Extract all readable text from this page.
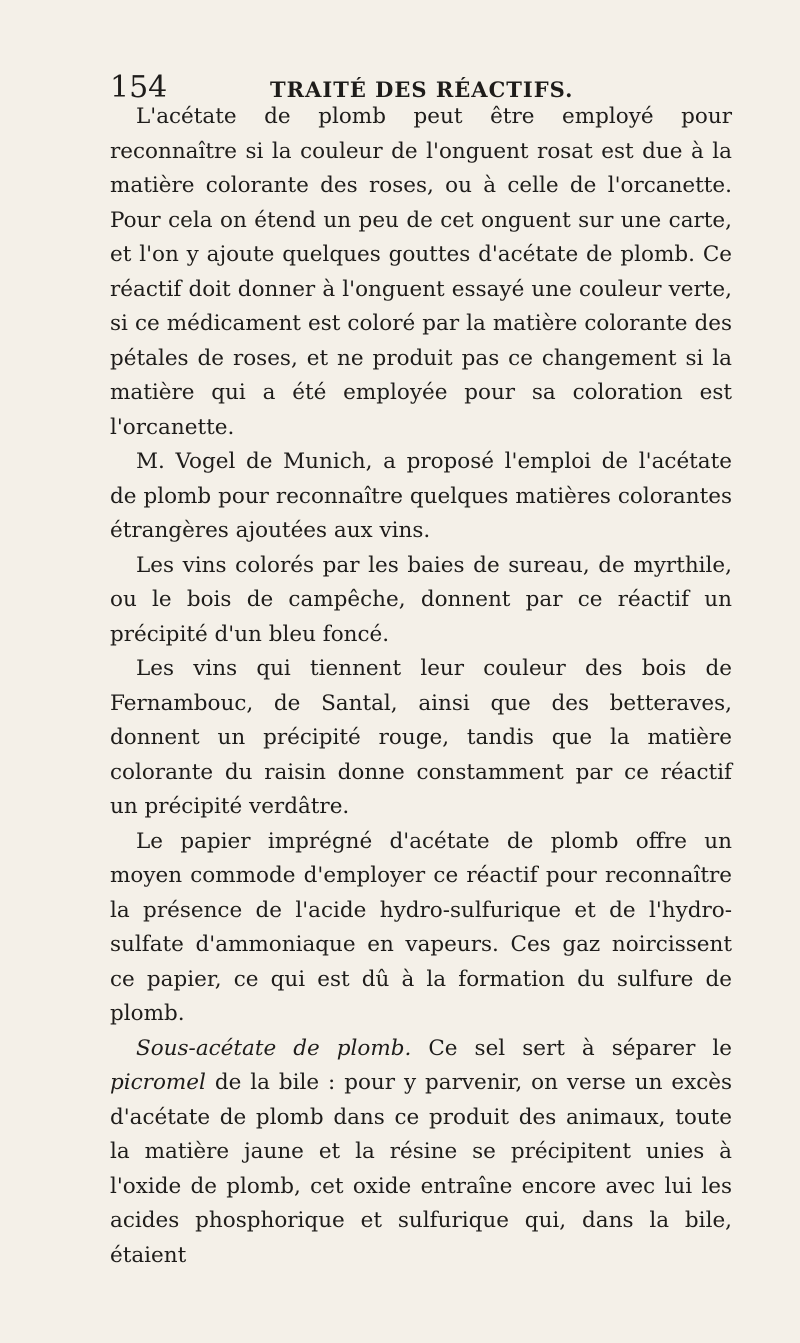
154	TRAITÉ DES RÉACTIFS.

L'acétate de plomb peut être employé pour reconnaître si la couleur de l'onguent rosat est due à la matière colorante des roses, ou à celle de l'orcanette. Pour cela on étend un peu de cet onguent sur une carte, et l'on y ajoute quelques gouttes d'acétate de plomb. Ce réactif doit donner à l'onguent essayé une couleur verte, si ce médicament est coloré par la matière colorante des pétales de roses, et ne produit pas ce changement si la matière qui a été employée pour sa coloration est l'orcanette.

M. Vogel de Munich, a proposé l'emploi de l'acétate de plomb pour reconnaître quelques matières colorantes étrangères ajoutées aux vins.

Les vins colorés par les baies de sureau, de myrthile, ou le bois de campêche, donnent par ce réactif un précipité d'un bleu foncé.

Les vins qui tiennent leur couleur des bois de Fernambouc, de Santal, ainsi que des betteraves, donnent un précipité rouge, tandis que la matière colorante du raisin donne constamment par ce réactif un précipité verdâtre.

Le papier imprégné d'acétate de plomb offre un moyen commode d'employer ce réactif pour reconnaître la présence de l'acide hydro-sulfurique et de l'hydro-sulfate d'ammoniaque en vapeurs. Ces gaz noircissent ce papier, ce qui est dû à la formation du sulfure de plomb.

Sous-acétate de plomb. Ce sel sert à séparer le picromel de la bile : pour y parvenir, on verse un excès d'acétate de plomb dans ce produit des animaux, toute la matière jaune et la résine se précipitent unies à l'oxide de plomb, cet oxide entraîne encore avec lui les acides phosphorique et sulfurique qui, dans la bile, étaient
